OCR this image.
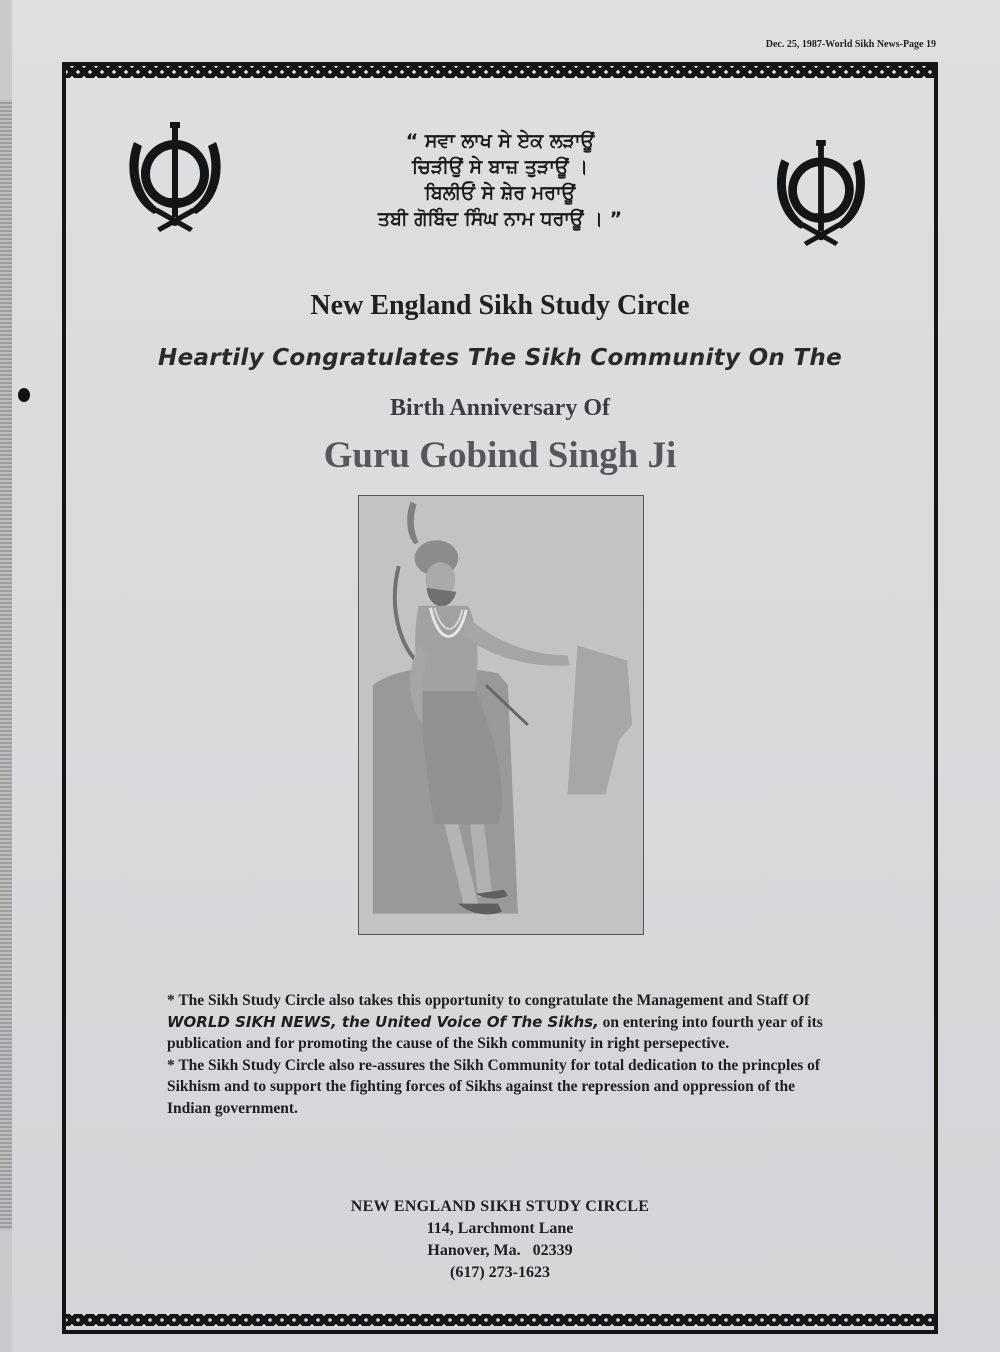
Dec. 25, 1987-World Sikh News-Page 19
“ ਸਵਾ ਲਾਖ ਸੇ ਏਕ ਲੜਾਊਂ
ਚਿੜੀਉਂ ਸੇ ਬਾਜ਼ ਤੁੜਾਊਂ ।
ਬਿਲੀਓਂ ਸੇ ਸ਼ੇਰ ਮਰਾਊਂ
ਤਬੀ ਗੋਬਿੰਦ ਸਿੰਘ ਨਾਮ ਧਰਾਊਂ । ”
New England Sikh Study Circle
Heartily Congratulates The Sikh Community On The
Birth Anniversary Of
Guru Gobind Singh Ji

* The Sikh Study Circle also takes this opportunity to congratulate the Management and Staff Of WORLD SIKH NEWS, the United Voice Of The Sikhs, on entering into fourth year of its publication and for promoting the cause of the Sikh community in right persepective.

* The Sikh Study Circle also re-assures the Sikh Community for total dedication to the princples of Sikhism and to support the fighting forces of Sikhs against the repression and oppression of the Indian government.

NEW ENGLAND SIKH STUDY CIRCLE
114, Larchmont Lane
Hanover, Ma.   02339
(617) 273-1623
